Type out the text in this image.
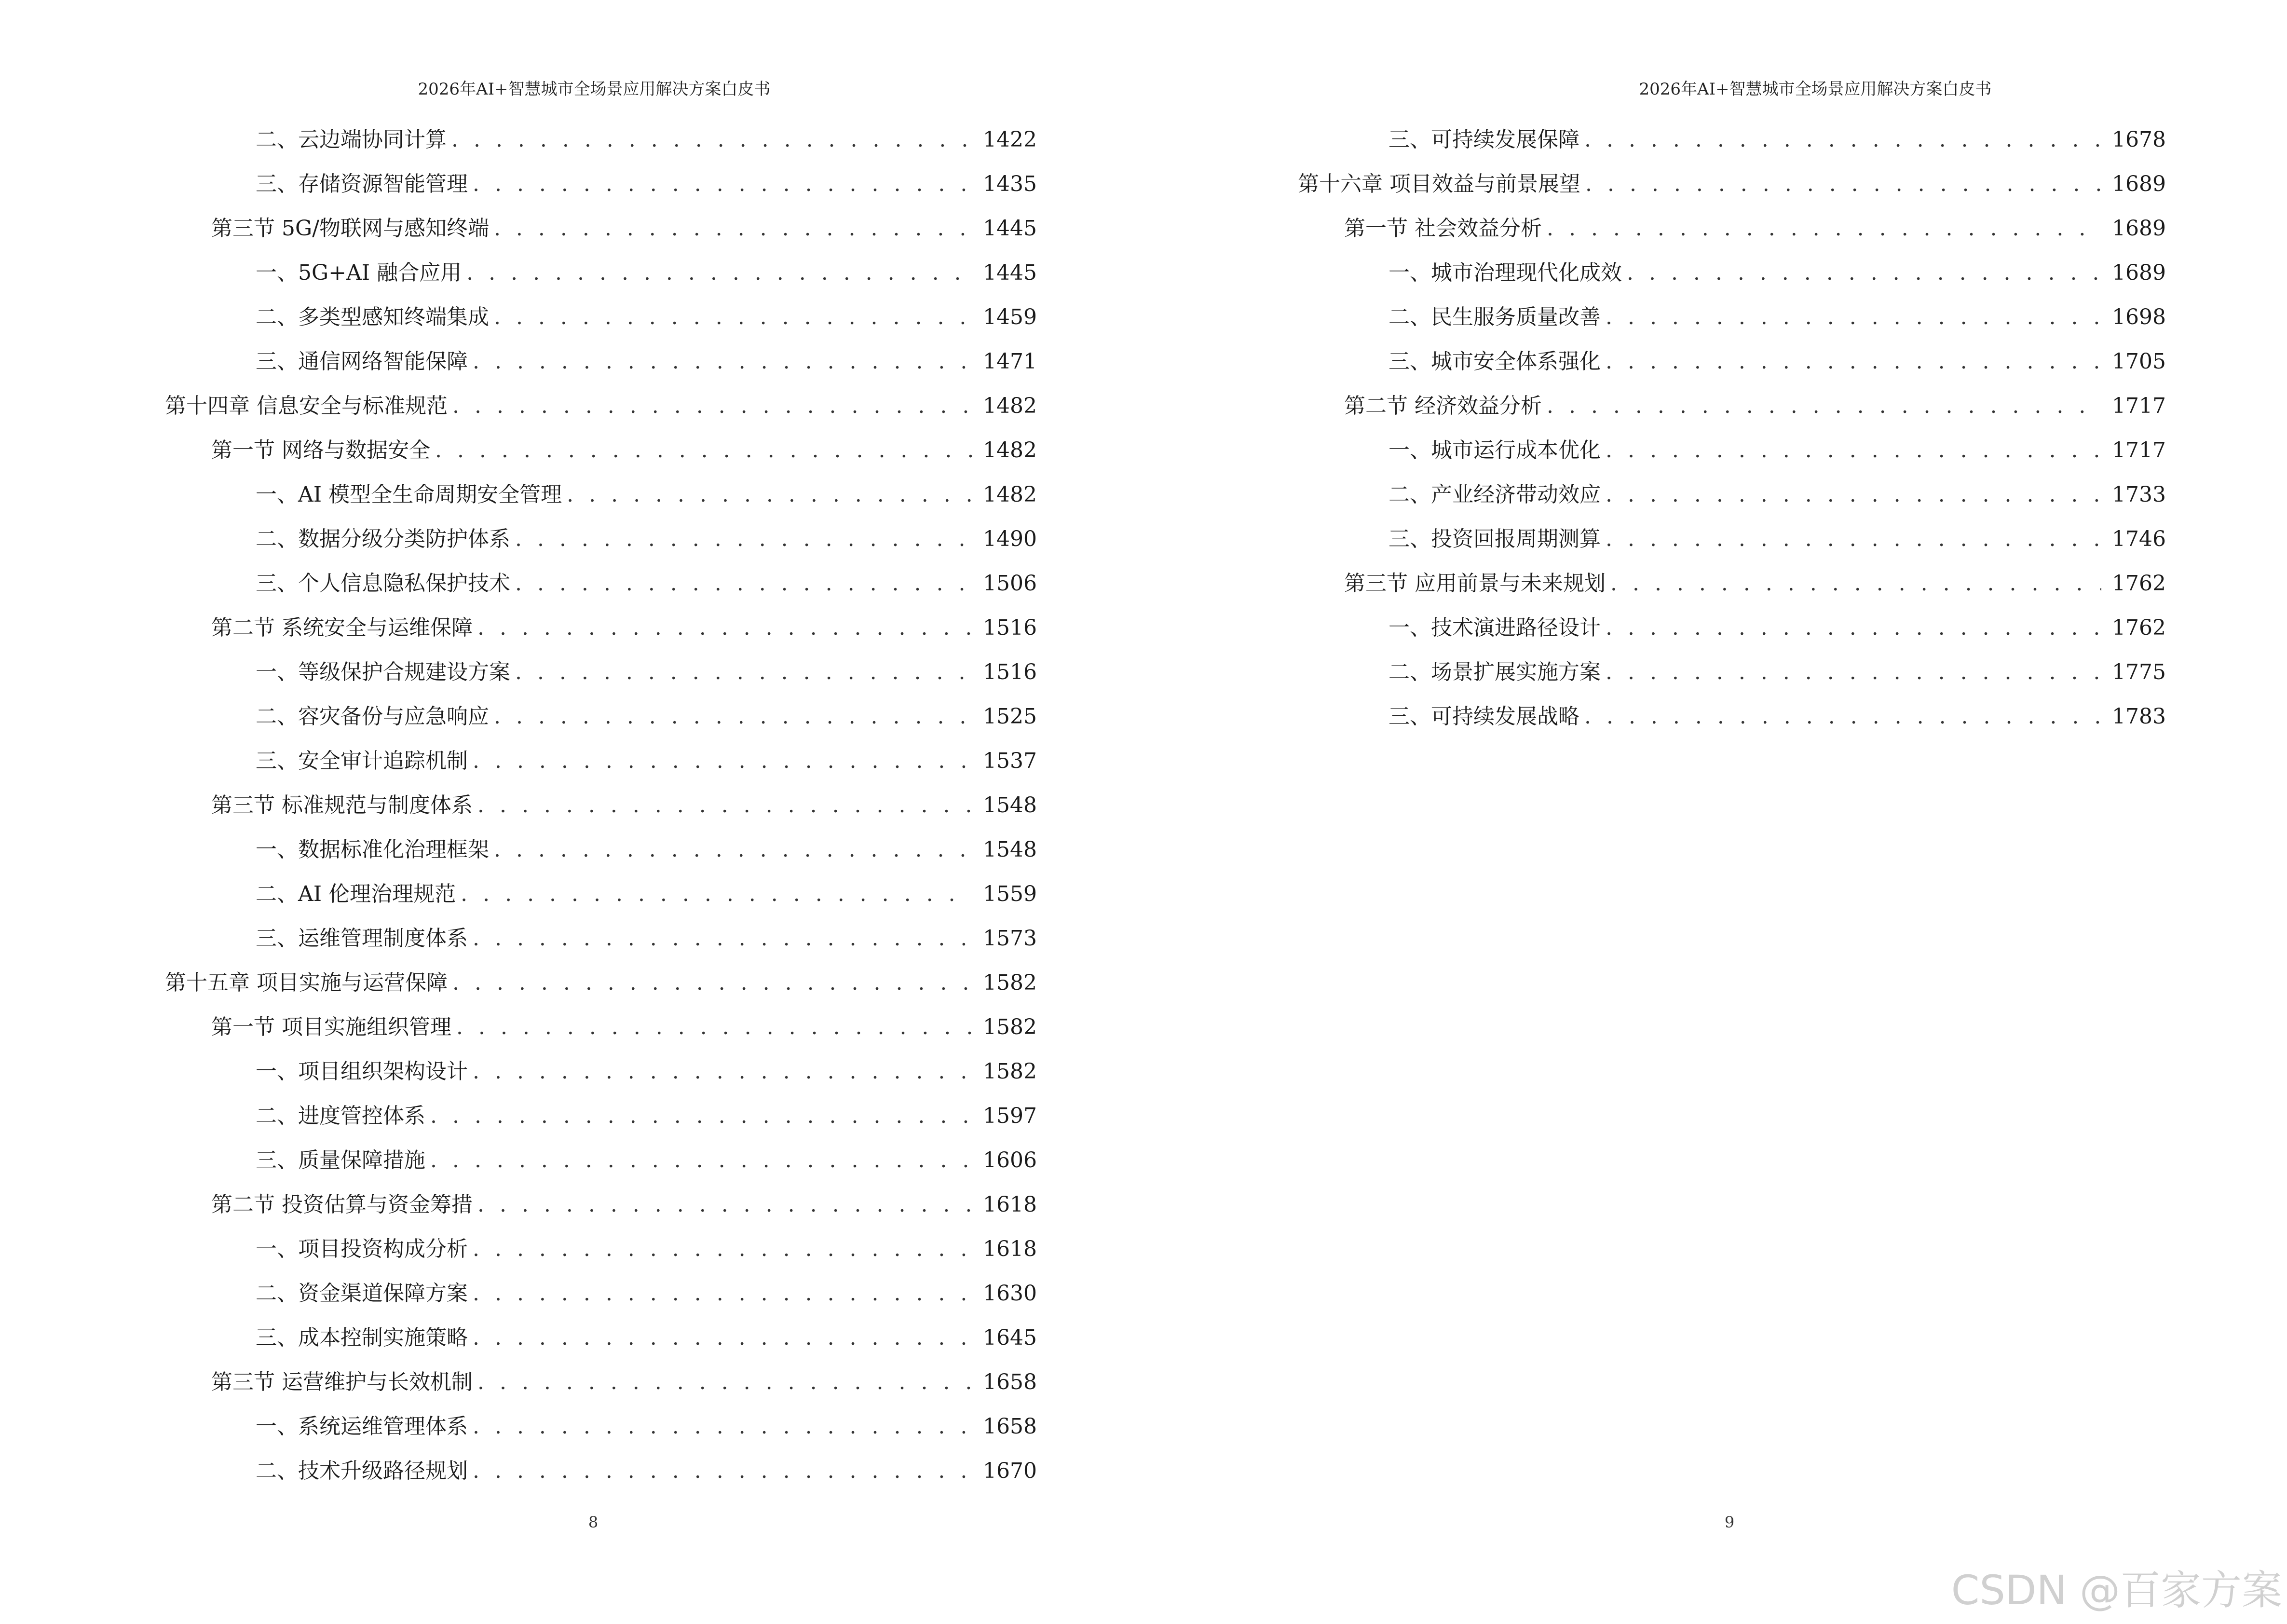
2026年AI+智慧城市全场景应用解决方案白皮书
二、云边端协同计算 . . .	1422
三、存储资源智能管理 . . .	1435
第三节 5G/物联网与感知终端 . . .	1445
一、5G+AI 融合应用 . . .	1445
二、多类型感知终端集成 . . .	1459
三、通信网络智能保障 . . .	1471
第十四章 信息安全与标准规范 . . .	1482
第一节 网络与数据安全 . . .	1482
一、AI 模型全生命周期安全管理 . . .	1482
二、数据分级分类防护体系 . . .	1490
三、个人信息隐私保护技术 . . .	1506
第二节 系统安全与运维保障 . . .	1516
一、等级保护合规建设方案 . . .	1516
二、容灾备份与应急响应 . . .	1525
三、安全审计追踪机制 . . .	1537
第三节 标准规范与制度体系 . . .	1548
一、数据标准化治理框架 . . .	1548
二、AI 伦理治理规范 . . .	1559
三、运维管理制度体系 . . .	1573
第十五章 项目实施与运营保障 . . .	1582
第一节 项目实施组织管理 . . .	1582
一、项目组织架构设计 . . .	1582
二、进度管控体系 . . .	1597
三、质量保障措施 . . .	1606
第二节 投资估算与资金筹措 . . .	1618
一、项目投资构成分析 . . .	1618
二、资金渠道保障方案 . . .	1630
三、成本控制实施策略 . . .	1645
第三节 运营维护与长效机制 . . .	1658
一、系统运维管理体系 . . .	1658
二、技术升级路径规划 . . .	1670
8
2026年AI+智慧城市全场景应用解决方案白皮书
三、可持续发展保障 . . .	1678
第十六章 项目效益与前景展望 . . .	1689
第一节 社会效益分析 . . .	1689
一、城市治理现代化成效 . . .	1689
二、民生服务质量改善 . . .	1698
三、城市安全体系强化 . . .	1705
第二节 经济效益分析 . . .	1717
一、城市运行成本优化 . . .	1717
二、产业经济带动效应 . . .	1733
三、投资回报周期测算 . . .	1746
第三节 应用前景与未来规划 . . .	1762
一、技术演进路径设计 . . .	1762
二、场景扩展实施方案 . . .	1775
三、可持续发展战略 . . .	1783
9
CSDN @百家方案
